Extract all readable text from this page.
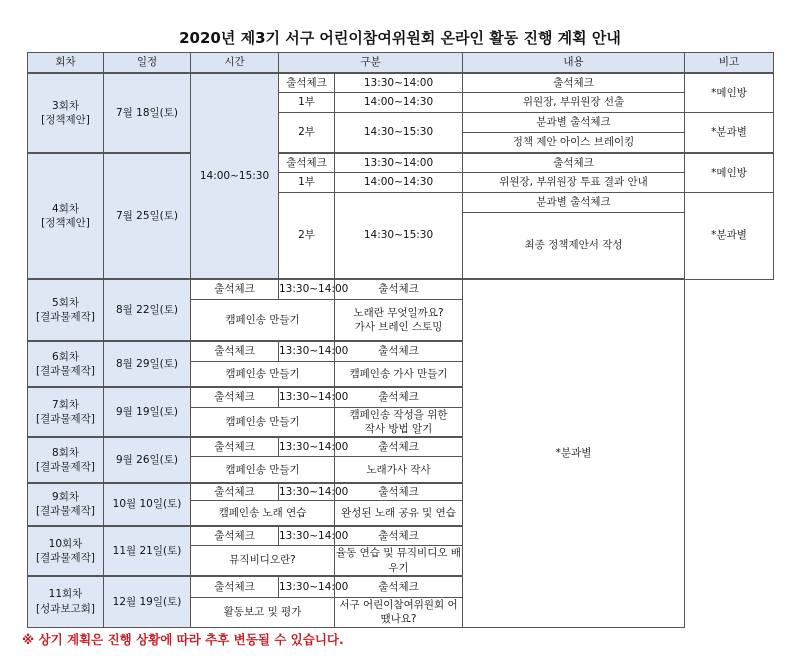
2020년 제3기 서구 어린이참여위원회 온라인 활동 진행 계획 안내
회차	일정	시간	구분		내용	비고
3회차
[정책제안]	7월 18일(토)	14:00~15:30	출석체크	13:30~14:00	출석체크	*메인방
			1부	14:00~14:30	위원장, 부위원장 선출	
			2부	14:30~15:30	분과별 출석체크	*분과별
					정책 제안 아이스 브레이킹	
4회차
[정책제안]	7월 25일(토)		출석체크	13:30~14:00	출석체크	*메인방
			1부	14:00~14:30	위원장, 부위원장 투표 결과 안내	
			2부	14:30~15:30	분과별 출석체크	*분과별
					최종 정책제안서 작성	
5회차
[결과물제작]	8월 22일(토)	출석체크	13:30~14:00	출석체크	*분과별	
		캠페인송 만들기		노래란 무엇일까요?
가사 브레인 스토밍		
6회차
[결과물제작]	8월 29일(토)	출석체크	13:30~14:00	출석체크		
		캠페인송 만들기		캠페인송 가사 만들기		
7회차
[결과물제작]	9월 19일(토)	출석체크	13:30~14:00	출석체크		
		캠페인송 만들기		캠페인송 작성을 위한
작사 방법 알기		
8회차
[결과물제작]	9월 26일(토)	출석체크	13:30~14:00	출석체크		
		캠페인송 만들기		노래가사 작사		
9회차
[결과물제작]	10월 10일(토)	출석체크	13:30~14:00	출석체크		
		캠페인송 노래 연습		완성된 노래 공유 및 연습		
10회차
[결과물제작]	11월 21일(토)	출석체크	13:30~14:00	출석체크		
		뮤직비디오란?		율동 연습 및 뮤직비디오 배우기		
11회차
[성과보고회]	12월 19일(토)	출석체크	13:30~14:00	출석체크		
		활동보고 및 평가		서구 어린이참여위원회 어땠나요?		
※ 상기 계획은 진행 상황에 따라 추후 변동될 수 있습니다.
